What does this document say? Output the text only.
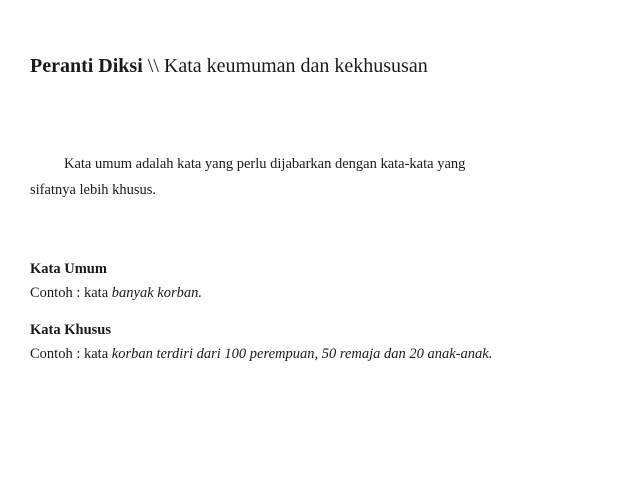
Peranti Diksi \\ Kata keumuman dan kekhususan
Kata umum adalah kata yang perlu dijabarkan dengan kata-kata yang
sifatnya lebih khusus.
Kata Umum
Contoh : kata banyak korban.
Kata Khusus
Contoh : kata korban terdiri dari 100 perempuan, 50 remaja dan 20 anak-anak.
